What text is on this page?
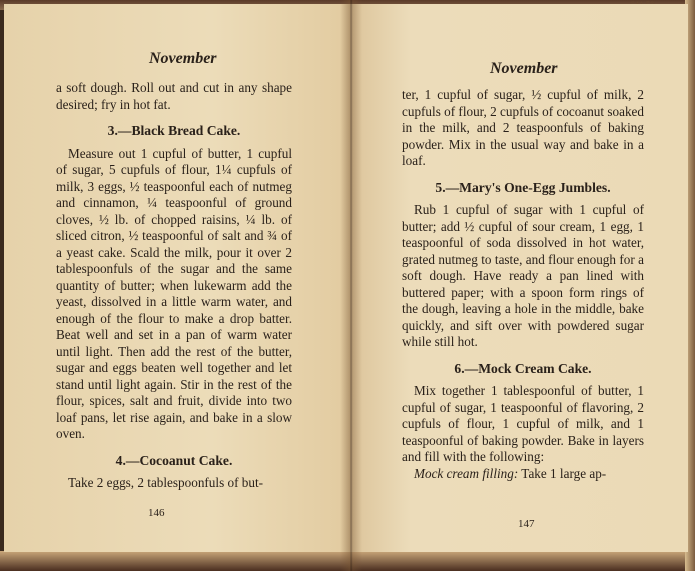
November

a soft dough. Roll out and cut in any shape desired; fry in hot fat.

3.—Black Bread Cake.

Measure out 1 cupful of butter, 1 cupful of sugar, 5 cupfuls of flour, 1¼ cupfuls of milk, 3 eggs, ½ teaspoonful each of nutmeg and cinnamon, ¼ teaspoonful of ground cloves, ½ lb. of chopped raisins, ¼ lb. of sliced citron, ½ teaspoonful of salt and ¾ of a yeast cake. Scald the milk, pour it over 2 tablespoonfuls of the sugar and the same quantity of butter; when lukewarm add the yeast, dissolved in a little warm water, and enough of the flour to make a drop batter. Beat well and set in a pan of warm water until light. Then add the rest of the butter, sugar and eggs beaten well together and let stand until light again. Stir in the rest of the flour, spices, salt and fruit, divide into two loaf pans, let rise again, and bake in a slow oven.

4.—Cocoanut Cake.

Take 2 eggs, 2 tablespoonfuls of but-

146
November

ter, 1 cupful of sugar, ½ cupful of milk, 2 cupfuls of flour, 2 cupfuls of cocoanut soaked in the milk, and 2 teaspoonfuls of baking powder. Mix in the usual way and bake in a loaf.

5.—Mary's One-Egg Jumbles.

Rub 1 cupful of sugar with 1 cupful of butter; add ½ cupful of sour cream, 1 egg, 1 teaspoonful of soda dissolved in hot water, grated nutmeg to taste, and flour enough for a soft dough. Have ready a pan lined with buttered paper; with a spoon form rings of the dough, leaving a hole in the middle, bake quickly, and sift over with powdered sugar while still hot.

6.—Mock Cream Cake.

Mix together 1 tablespoonful of butter, 1 cupful of sugar, 1 teaspoonful of flavoring, 2 cupfuls of flour, 1 cupful of milk, and 1 teaspoonful of baking powder. Bake in layers and fill with the following:

Mock cream filling: Take 1 large ap-

147
